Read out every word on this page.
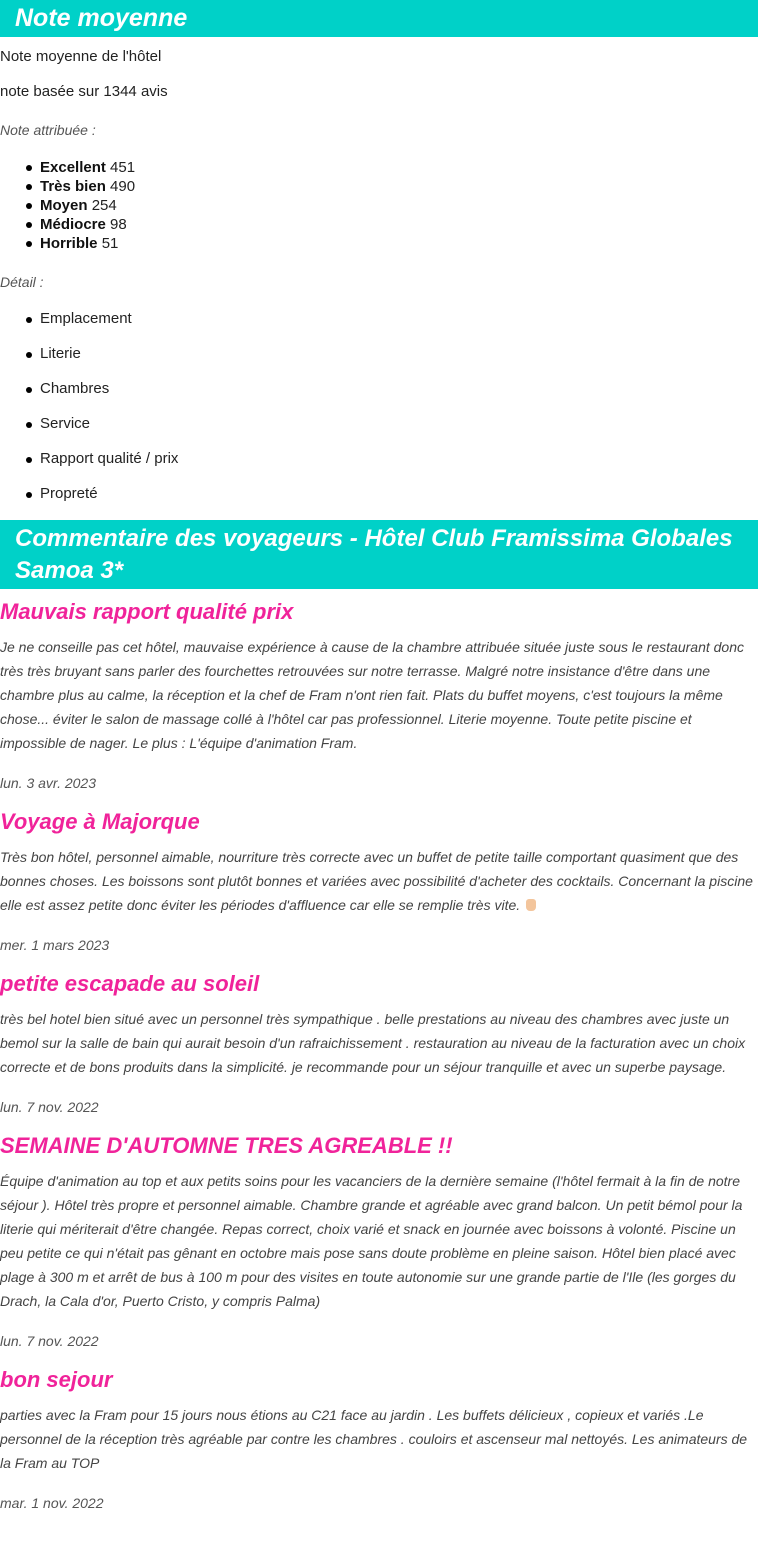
Note moyenne

Note moyenne de l'hôtel

note basée sur 1344 avis

Note attribuée :

Excellent 451
Très bien 490
Moyen 254
Médiocre 98
Horrible 51

Détail :

Emplacement
Literie
Chambres
Service
Rapport qualité / prix
Propreté
Commentaire des voyageurs - Hôtel Club Framissima Globales Samoa 3*
Mauvais rapport qualité prix

Je ne conseille pas cet hôtel, mauvaise expérience à cause de la chambre attribuée située juste sous le restaurant donc très très bruyant sans parler des fourchettes retrouvées sur notre terrasse. Malgré notre insistance d'être dans une chambre plus au calme, la réception et la chef de Fram n'ont rien fait. Plats du buffet moyens, c'est toujours la même chose... éviter le salon de massage collé à l'hôtel car pas professionnel. Literie moyenne. Toute petite piscine et impossible de nager. Le plus : L'équipe d'animation Fram.

lun. 3 avr. 2023

Voyage à Majorque

Très bon hôtel, personnel aimable, nourriture très correcte avec un buffet de petite taille comportant quasiment que des bonnes choses. Les boissons sont plutôt bonnes et variées avec possibilité d'acheter des cocktails. Concernant la piscine elle est assez petite donc éviter les périodes d'affluence car elle se remplie très vite.

mer. 1 mars 2023

petite escapade au soleil

très bel hotel bien situé avec un personnel très sympathique . belle prestations au niveau des chambres avec juste un bemol sur la salle de bain qui aurait besoin d'un rafraichissement . restauration au niveau de la facturation avec un choix correcte et de bons produits dans la simplicité. je recommande pour un séjour tranquille et avec un superbe paysage.

lun. 7 nov. 2022

SEMAINE D'AUTOMNE TRES AGREABLE !!

Équipe d'animation au top et aux petits soins pour les vacanciers de la dernière semaine (l'hôtel fermait à la fin de notre séjour ). Hôtel très propre et personnel aimable. Chambre grande et agréable avec grand balcon. Un petit bémol pour la literie qui mériterait d'être changée. Repas correct, choix varié et snack en journée avec boissons à volonté. Piscine un peu petite ce qui n'était pas gênant en octobre mais pose sans doute problème en pleine saison. Hôtel bien placé avec plage à 300 m et arrêt de bus à 100 m pour des visites en toute autonomie sur une grande partie de l'Ile (les gorges du Drach, la Cala d'or, Puerto Cristo, y compris Palma)

lun. 7 nov. 2022

bon sejour

parties avec la Fram pour 15 jours nous étions au C21 face au jardin . Les buffets délicieux , copieux et variés .Le personnel de la réception très agréable par contre les chambres . couloirs et ascenseur mal nettoyés. Les animateurs de la Fram au TOP

mar. 1 nov. 2022
